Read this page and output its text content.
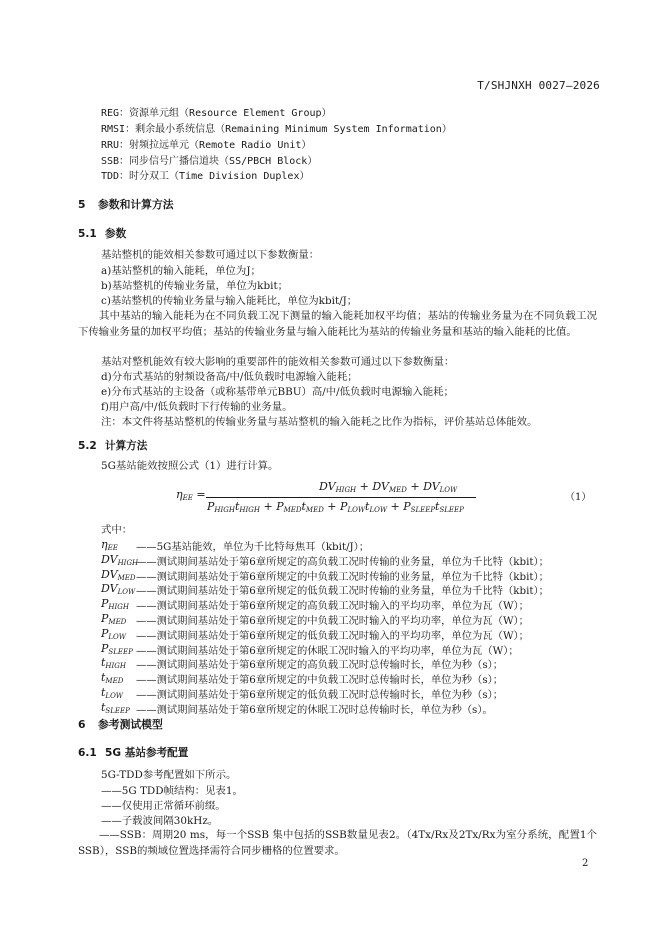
T/SHJNXH 0027—2026
REG：资源单元组（Resource Element Group）
RMSI：剩余最小系统信息（Remaining Minimum System Information）
RRU：射频拉远单元（Remote Radio Unit）
SSB：同步信号广播信道块（SS/PBCH Block）
TDD：时分双工（Time Division Duplex）
5 参数和计算方法
5.1 参数
基站整机的能效相关参数可通过以下参数衡量：
a)基站整机的输入能耗，单位为J；
b)基站整机的传输业务量，单位为kbit；
c)基站整机的传输业务量与输入能耗比，单位为kbit/J；
其中基站的输入能耗为在不同负载工况下测量的输入能耗加权平均值；基站的传输业务量为在不同负载工况下传输业务量的加权平均值；基站的传输业务量与输入能耗比为基站的传输业务量和基站的输入能耗的比值。
基站对整机能效有较大影响的重要部件的能效相关参数可通过以下参数衡量：
d)分布式基站的射频设备高/中/低负载时电源输入能耗；
e)分布式基站的主设备（或称基带单元BBU）高/中/低负载时电源输入能耗；
f)用户高/中/低负载时下行传输的业务量。
注：本文件将基站整机的传输业务量与基站整机的输入能耗之比作为指标，评价基站总体能效。
5.2 计算方法
5G基站能效按照公式（1）进行计算。
$\eta_{EE}$ =
$DV_{HIGH} + DV_{MED} + DV_{LOW}$
$P_{HIGH}t_{HIGH} + P_{MED}t_{MED} + P_{LOW}t_{LOW} + P_{SLEEP}t_{SLEEP}$
（1）
式中：
$\eta_{EE}$ ——5G基站能效，单位为千比特每焦耳（kbit/J）；
$DV_{HIGH}$
——测试期间基站处于第6章所规定的高负载工况时传输的业务量，单位为千比特（kbit）；
$DV_{MED}$ ——测试期间基站处于第6章所规定的中负载工况时传输的业务量，单位为千比特（kbit）；
$DV_{LOW}$ ——测试期间基站处于第6章所规定的低负载工况时传输的业务量，单位为千比特（kbit）；
$P_{HIGH}$ ——测试期间基站处于第6章所规定的高负载工况时输入的平均功率，单位为瓦（W）；
$P_{MED}$ ——测试期间基站处于第6章所规定的中负载工况时输入的平均功率，单位为瓦（W）；
$P_{LOW}$ ——测试期间基站处于第6章所规定的低负载工况时输入的平均功率，单位为瓦（W）；
$P_{SLEEP}$ ——测试期间基站处于第6章所规定的休眠工况时输入的平均功率，单位为瓦（W）；
$t_{HIGH}$ ——测试期间基站处于第6章所规定的高负载工况时总传输时长，单位为秒（s）；
$t_{MED}$ ——测试期间基站处于第6章所规定的中负载工况时总传输时长，单位为秒（s）；
$t_{LOW}$ ——测试期间基站处于第6章所规定的低负载工况时总传输时长，单位为秒（s）；
$t_{SLEEP}$ ——测试期间基站处于第6章所规定的休眠工况时总传输时长，单位为秒（s）。
6 参考测试模型
6.1 5G 基站参考配置
5G-TDD参考配置如下所示。
——5G TDD帧结构：见表1。
——仅使用正常循环前缀。
——子载波间隔30kHz。
——SSB：周期20 ms，每一个SSB 集中包括的SSB数量见表2。（4Tx/Rx及2Tx/Rx为室分系统，配置1个SSB），SSB的频域位置选择需符合同步栅格的位置要求。
2
